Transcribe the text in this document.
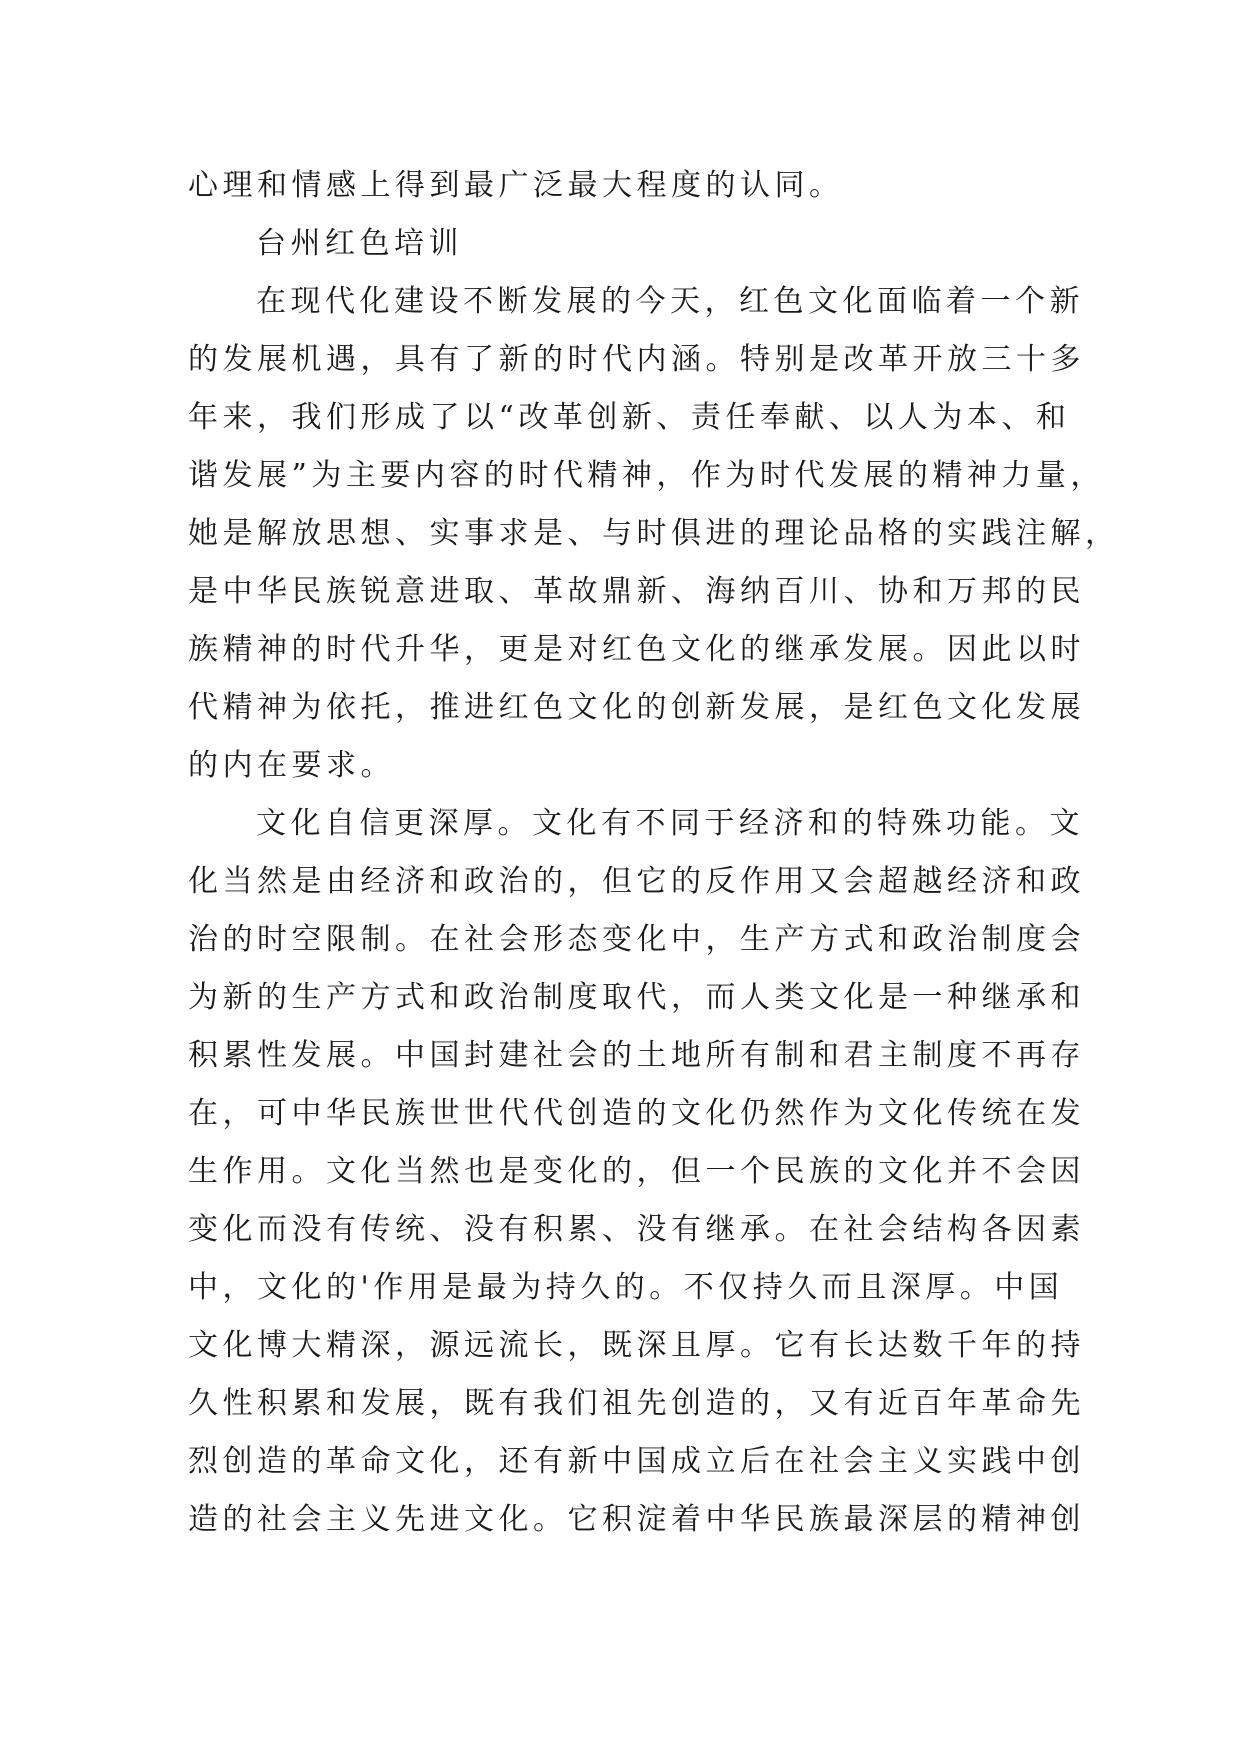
心理和情感上得到最广泛最大程度的认同。
台州红色培训
在现代化建设不断发展的今天，红色文化面临着一个新
的发展机遇，具有了新的时代内涵。特别是改革开放三十多
年来，我们形成了以“改革创新、责任奉献、以人为本、和
谐发展”为主要内容的时代精神，作为时代发展的精神力量，
她是解放思想、实事求是、与时俱进的理论品格的实践注解，
是中华民族锐意进取、革故鼎新、海纳百川、协和万邦的民
族精神的时代升华，更是对红色文化的继承发展。因此以时
代精神为依托，推进红色文化的创新发展，是红色文化发展
的内在要求。
文化自信更深厚。文化有不同于经济和的特殊功能。文
化当然是由经济和政治的，但它的反作用又会超越经济和政
治的时空限制。在社会形态变化中，生产方式和政治制度会
为新的生产方式和政治制度取代，而人类文化是一种继承和
积累性发展。中国封建社会的土地所有制和君主制度不再存
在，可中华民族世世代代创造的文化仍然作为文化传统在发
生作用。文化当然也是变化的，但一个民族的文化并不会因
变化而没有传统、没有积累、没有继承。在社会结构各因素
中，文化的'作用是最为持久的。不仅持久而且深厚。中国
文化博大精深，源远流长，既深且厚。它有长达数千年的持
久性积累和发展，既有我们祖先创造的，又有近百年革命先
烈创造的革命文化，还有新中国成立后在社会主义实践中创
造的社会主义先进文化。它积淀着中华民族最深层的精神创
